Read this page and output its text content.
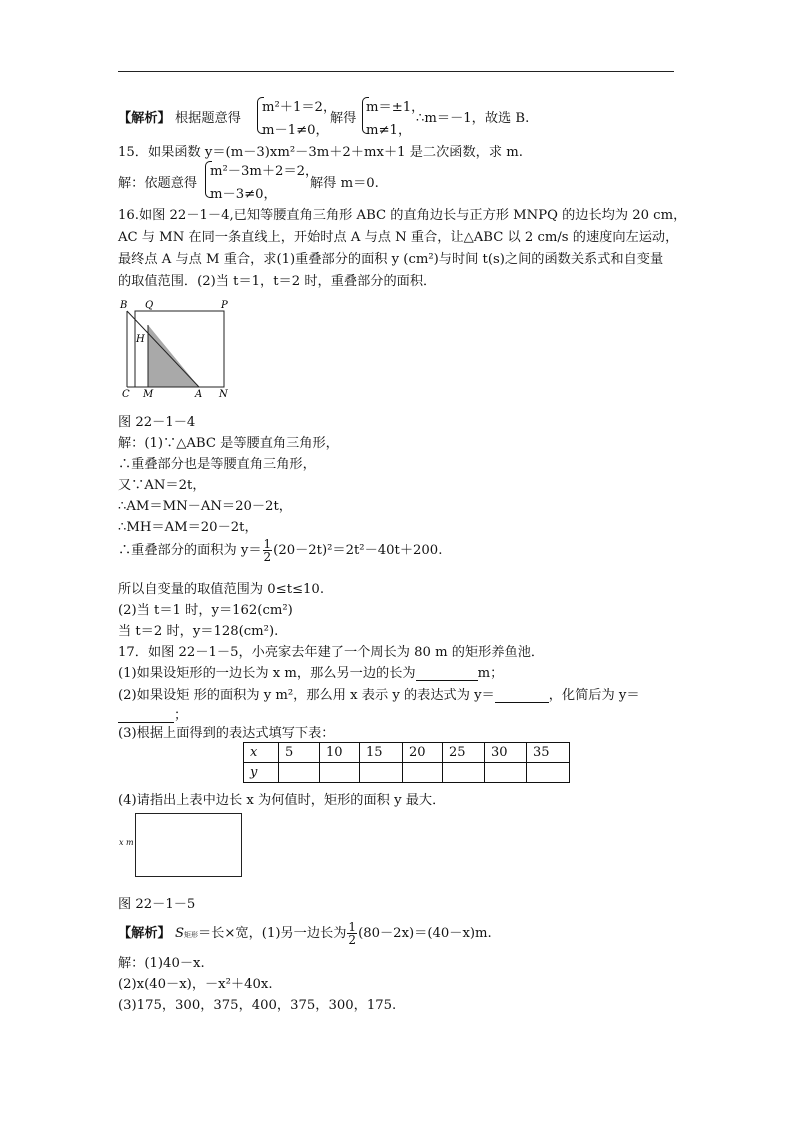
【解析】 根据题意得
m²＋1＝2，
m－1≠0，
解得
m＝±1，
m≠1，
∴m＝－1，故选 B.
15．如果函数 y＝(m－3)xm²－3m＋2＋mx＋1 是二次函数，求 m.
解：依题意得
m²－3m＋2＝2，
m－3≠0，
解得 m＝0.
16.如图 22－1－4,已知等腰直角三角形 ABC 的直角边长与正方形 MNPQ 的边长均为 20 cm，
AC 与 MN 在同一条直线上，开始时点 A 与点 N 重合，让△ABC 以 2 cm/s 的速度向左运动，
最终点 A 与点 M 重合，求(1)重叠部分的面积 y (cm²)与时间 t(s)之间的函数关系式和自变量
的取值范围．(2)当 t＝1，t＝2 时，重叠部分的面积．
B Q	P
H
C M	A N
图 22－1－4
解：(1)∵△ABC 是等腰直角三角形，
∴重叠部分也是等腰直角三角形，
又∵AN＝2t，
∴AM＝MN－AN＝20－2t，
∴MH＝AM＝20－2t，
∴重叠部分的面积为 $y= \frac{1}{2} (20-2t)^2=2t^2-40t+200$.
所以自变量的取值范围为 0≤t≤10.
(2)当 t＝1 时，y＝162(cm²)
当 t＝2 时，y＝128(cm²).
17．如图 22－1－5，小亮家去年建了一个周长为 80 m 的矩形养鱼池．
(1)如果设矩形的一边长为 x m，那么另一边的长为	m；
(2)如果设矩 形的面积为 y m²，那么用 x 表示 y 的表达式为 y＝	，化简后为 y＝
；
(3)根据上面得到的表达式填写下表：
x	5	10	15	20	25	30	35
y							
(4)请指出上表中边长 x 为何值时，矩形的面积 y 最大．
x m
图 22－1－5
【解析】 S矩形＝长×宽，(1)另一边长为 $\frac{1}{2} (80-2x)=(40-x)m$.
解：(1)40－x.
(2)x(40－x)，－x²＋40x.
(3)175，300，375，400，375，300，175.
